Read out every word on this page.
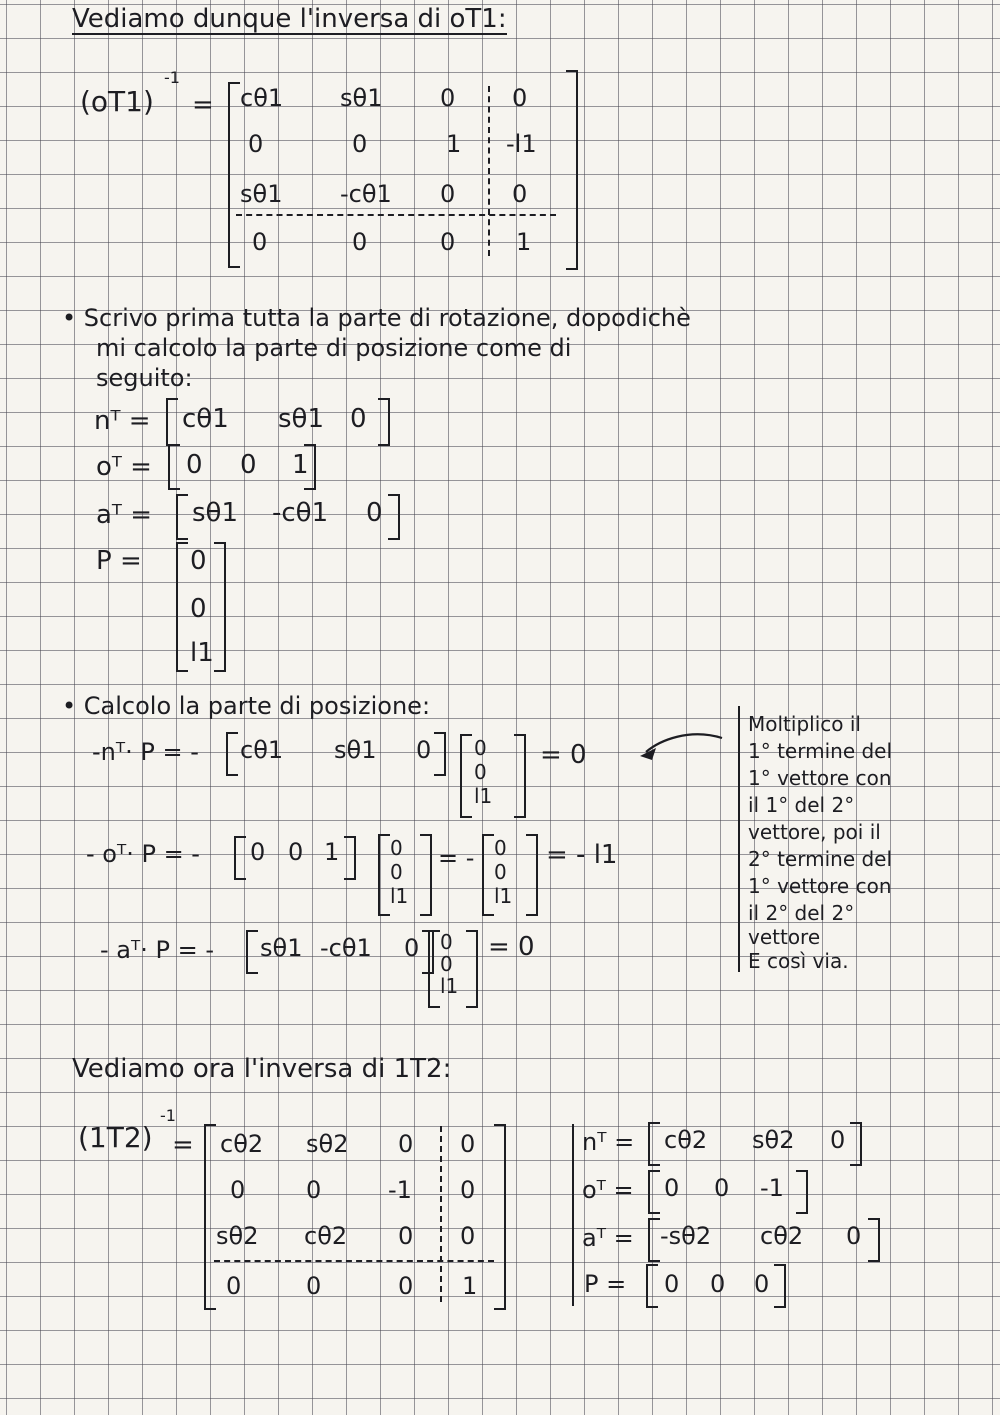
Vediamo dunque l'inversa di oT1:
(oT1)
-1
= cθ1 sθ1 0 0
0	0	1 -l1
sθ1 -cθ1 0 0
0	0	0	1
• Scrivo prima tutta la parte di rotazione, dopodichè
mi calcolo la parte di posizione come di
seguito:
nᵀ = cθ1 sθ1 0
oᵀ = 0 0 1
aᵀ = sθ1 -cθ1 0
P = 0
0
l1
• Calcolo la parte di posizione:
-nᵀ· P = - cθ1 sθ1 0 0
0
l1
= 0
- oᵀ· P = - 0 0 1	0
0
l1
= - 0
0
l1
= - l1
- aᵀ· P = - sθ1 -cθ1 0 0
0
l1
= 0
Moltiplico il
1° termine del
1° vettore con
il 1° del 2°
vettore, poi il
2° termine del
1° vettore con
il 2° del 2°
vettore
E così via.
Vediamo ora l'inversa di 1T2:
(1T2)
-1
= cθ2 sθ2 0 0
0	0	-1 0
sθ2 cθ2 0 0
0	0	0 1
nᵀ = cθ2 sθ2 0
oᵀ = 0 0 -1
aᵀ = -sθ2 cθ2 0
P = 0 0 0
